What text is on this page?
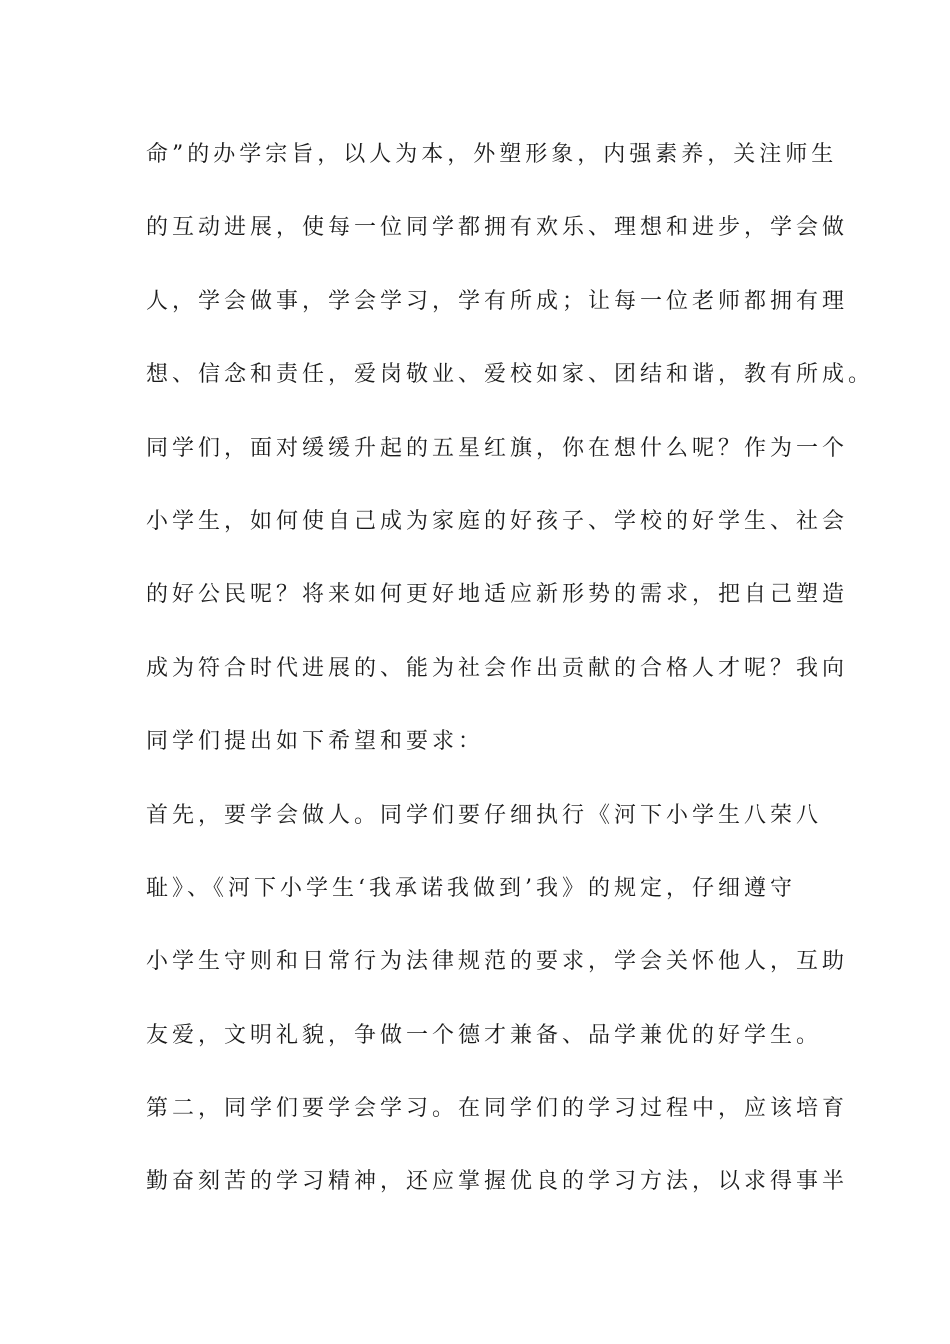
命”的办学宗旨，以人为本，外塑形象，内强素养，关注师生
的互动进展，使每一位同学都拥有欢乐、理想和进步，学会做
人，学会做事，学会学习，学有所成；让每一位老师都拥有理
想、信念和责任，爱岗敬业、爱校如家、团结和谐，教有所成。
同学们，面对缓缓升起的五星红旗，你在想什么呢？作为一个
小学生，如何使自己成为家庭的好孩子、学校的好学生、社会
的好公民呢？将来如何更好地适应新形势的需求，把自己塑造
成为符合时代进展的、能为社会作出贡献的合格人才呢？我向
同学们提出如下希望和要求：
首先，要学会做人。同学们要仔细执行《河下小学生八荣八
耻》、《河下小学生‘我承诺我做到’我》的规定，仔细遵守
小学生守则和日常行为法律规范的要求，学会关怀他人，互助
友爱，文明礼貌，争做一个德才兼备、品学兼优的好学生。
第二，同学们要学会学习。在同学们的学习过程中，应该培育
勤奋刻苦的学习精神，还应掌握优良的学习方法，以求得事半
